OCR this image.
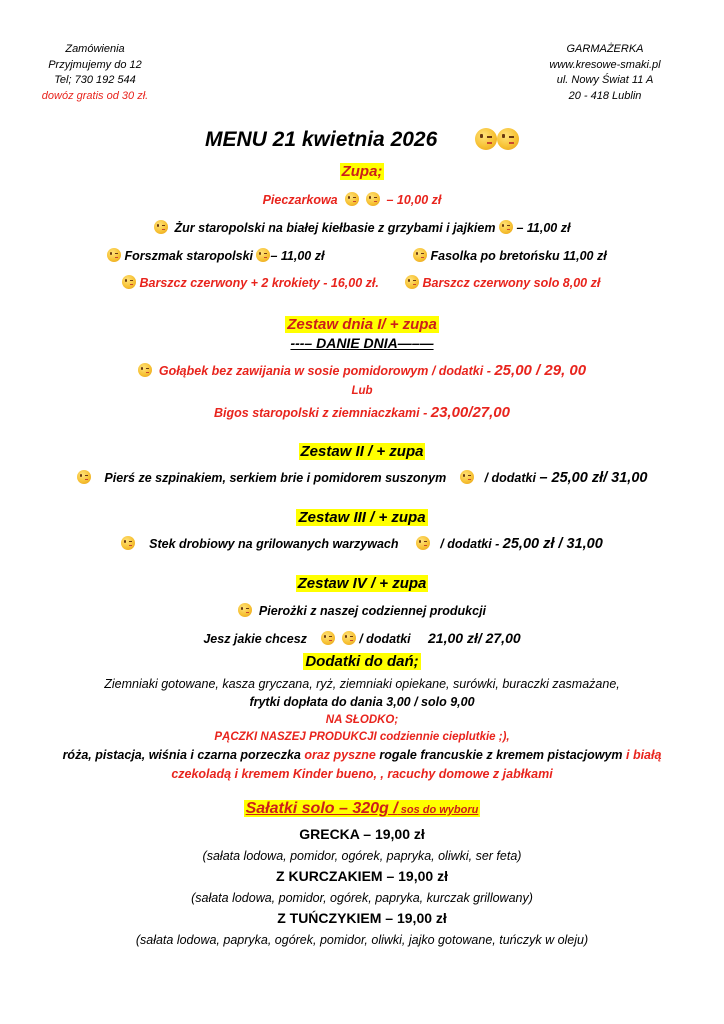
Zamówienia
Przyjmujemy do 12
Tel; 730 192 544
dowóz gratis od 30 zł.
GARMAŻERKA
www.kresowe-smaki.pl
ul. Nowy Świat 11 A
20 - 418 Lublin
MENU 21 kwietnia 2026
Zupa;
Pieczarkowa	– 10,00 zł
Żur staropolski na białej kiełbasie z grzybami i jajkiem – 11,00 zł
Forszmak staropolski – 11,00 zł	Fasolka po bretońsku 11,00 zł
Barszcz czerwony + 2 krokiety - 16,00 zł.	Barszcz czerwony solo 8,00 zł
Zestaw dnia I/ + zupa
---– DANIE DNIA—–—
Gołąbek bez zawijania w sosie pomidorowym / dodatki - 25,00 / 29, 00
Lub
Bigos staropolski z ziemniaczkami - 23,00/27,00
Zestaw II / + zupa
Pierś ze szpinakiem, serkiem brie i pomidorem suszonym	/ dodatki – 25,00 zł/ 31,00
Zestaw III / + zupa
Stek drobiowy na grilowanych warzywach	/ dodatki - 25,00 zł / 31,00
Zestaw IV / + zupa
Pierożki z naszej codziennej produkcji
Jesz jakie chcesz	/ dodatki 21,00 zł/ 27,00
Dodatki do dań;
Ziemniaki gotowane, kasza gryczana, ryż, ziemniaki opiekane, surówki, buraczki zasmażane,
frytki dopłata do dania 3,00 / solo 9,00
NA SŁODKO;
PĄCZKI NASZEJ PRODUKCJI codziennie cieplutkie ;),
róża, pistacja, wiśnia i czarna porzeczka oraz pyszne rogale francuskie z kremem pistacjowym i białą
czekoladą i kremem Kinder bueno, , racuchy domowe z jabłkami
Sałatki solo – 320g / sos do wyboru
GRECKA – 19,00 zł
(sałata lodowa, pomidor, ogórek, papryka, oliwki, ser feta)
Z KURCZAKIEM – 19,00 zł
(sałata lodowa, pomidor, ogórek, papryka, kurczak grillowany)
Z TUŃCZYKIEM – 19,00 zł
(sałata lodowa, papryka, ogórek, pomidor, oliwki, jajko gotowane, tuńczyk w oleju)
